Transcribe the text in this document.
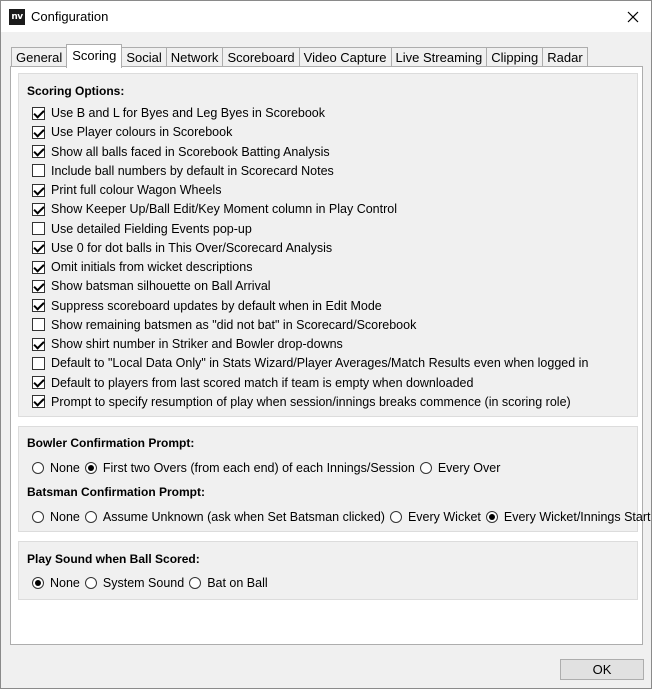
nv Configuration
General Scoring Social Network Scoreboard Video Capture Live Streaming Clipping Radar
Scoring Options:
Use B and L for Byes and Leg Byes in Scorebook
Use Player colours in Scorebook
Show all balls faced in Scorebook Batting Analysis
Include ball numbers by default in Scorecard Notes
Print full colour Wagon Wheels
Show Keeper Up/Ball Edit/Key Moment column in Play Control
Use detailed Fielding Events pop-up
Use 0 for dot balls in This Over/Scorecard Analysis
Omit initials from wicket descriptions
Show batsman silhouette on Ball Arrival
Suppress scoreboard updates by default when in Edit Mode
Show remaining batsmen as "did not bat" in Scorecard/Scorebook
Show shirt number in Striker and Bowler drop-downs
Default to "Local Data Only" in Stats Wizard/Player Averages/Match Results even when logged in
Default to players from last scored match if team is empty when downloaded
Prompt to specify resumption of play when session/innings breaks commence (in scoring role)
Bowler Confirmation Prompt:
None First two Overs (from each end) of each Innings/Session Every Over
Batsman Confirmation Prompt:
None Assume Unknown (ask when Set Batsman clicked) Every Wicket Every Wicket/Innings Start
Play Sound when Ball Scored:
None System Sound Bat on Ball
OK
